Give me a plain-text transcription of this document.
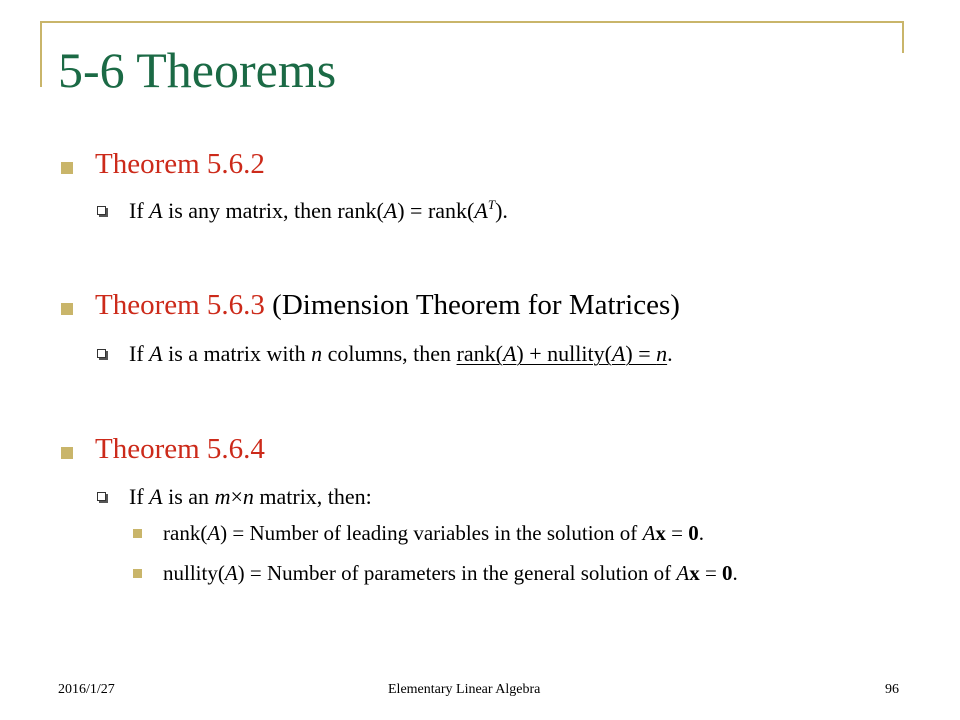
5-6 Theorems
Theorem 5.6.2
If A is any matrix, then rank(A) = $rank(A^T)$.
Theorem 5.6.3 (Dimension Theorem for Matrices)
If A is a matrix with n columns, then rank(A) + nullity(A) = n.
Theorem 5.6.4
If A is an m×n matrix, then:
rank(A) = Number of leading variables in the solution of Ax = 0.
nullity(A) = Number of parameters in the general solution of Ax = 0.
2016/1/27	Elementary Linear Algebra	96
